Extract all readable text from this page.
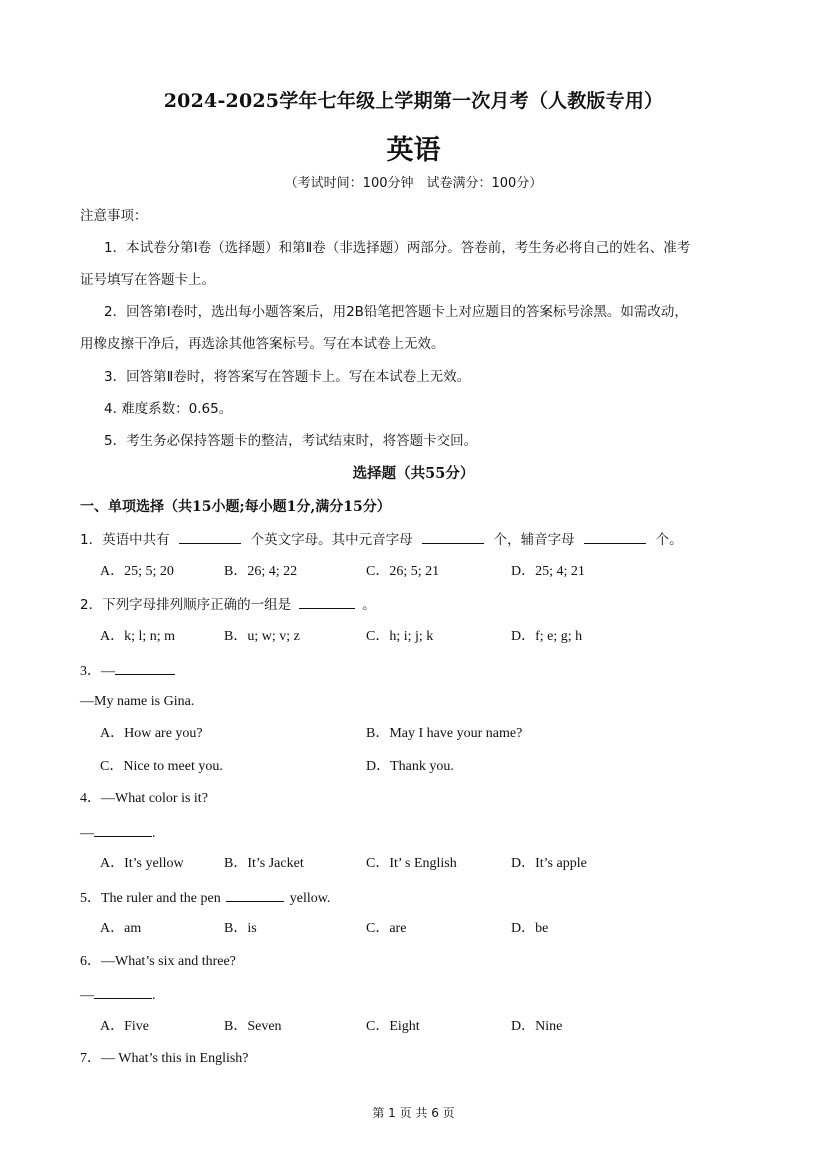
2024-2025学年七年级上学期第一次月考（人教版专用）
英语
（考试时间：100分钟　试卷满分：100分）
注意事项：
1．本试卷分第Ⅰ卷（选择题）和第Ⅱ卷（非选择题）两部分。答卷前，考生务必将自己的姓名、准考
证号填写在答题卡上。
2．回答第Ⅰ卷时，选出每小题答案后，用2B铅笔把答题卡上对应题目的答案标号涂黑。如需改动，
用橡皮擦干净后，再选涂其他答案标号。写在本试卷上无效。
3．回答第Ⅱ卷时，将答案写在答题卡上。写在本试卷上无效。
4. 难度系数：0.65。
5．考生务必保持答题卡的整洁，考试结束时，将答题卡交回。
选择题（共55分）
一、单项选择（共15小题;每小题1分,满分15分）
1．英语中共有	个英文字母。其中元音字母	个，辅音字母	个。
A．25; 5; 20	B．26; 4; 22	C．26; 5; 21	D．25; 4; 21
2．下列字母排列顺序正确的一组是	。
A．k; l; n; m	B．u; w; v; z	C．h; i; j; k	D．f; e; g; h
3．—
—My name is Gina.
A．How are you?	B．May I have your name?
C．Nice to meet you.	D．Thank you.
4．—What color is it?
—	.
A．It’s yellow	B．It’s Jacket	C．It’ s English	D．It’s apple
5．The ruler and the pen	yellow.
A．am	B．is	C．are	D．be
6．—What’s six and three?
—	.
A．Five	B．Seven	C．Eight	D．Nine
7．— What’s this in English?
第 1 页 共 6 页
